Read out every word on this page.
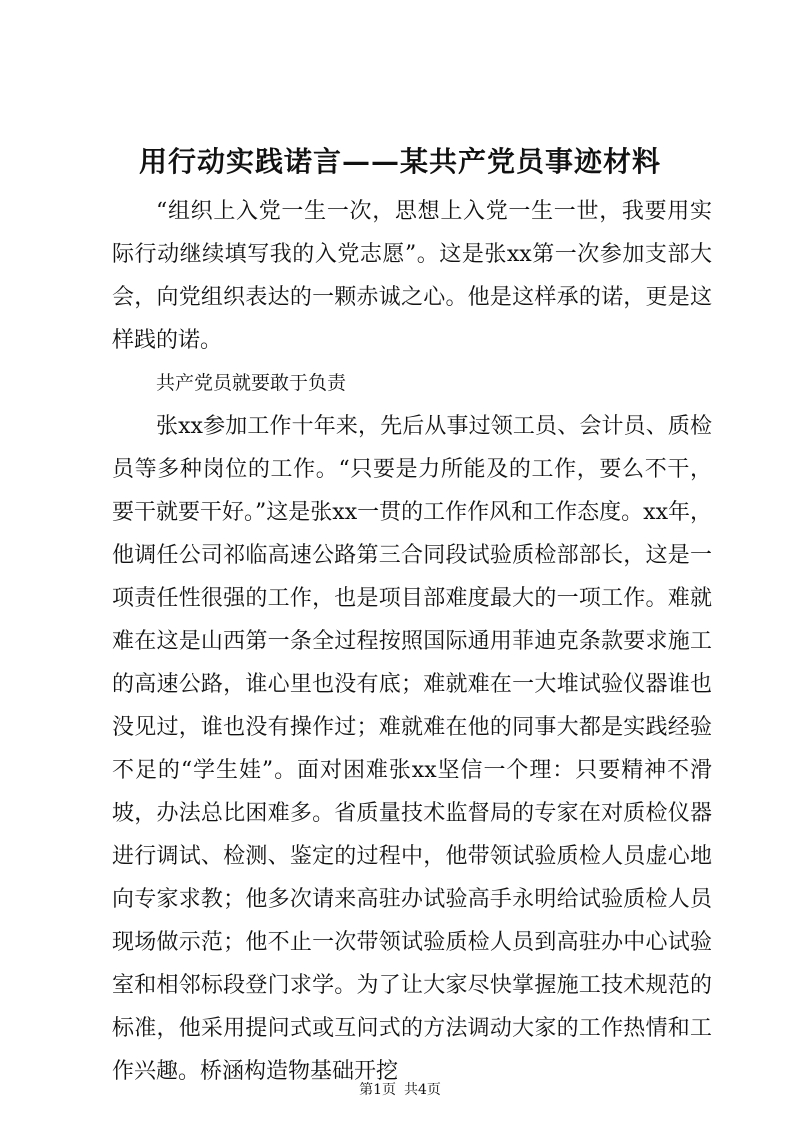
用行动实践诺言——某共产党员事迹材料

“组织上入党一生一次，思想上入党一生一世，我要用实际行动继续填写我的入党志愿”。这是张xx第一次参加支部大会，向党组织表达的一颗赤诚之心。他是这样承的诺，更是这样践的诺。

共产党员就要敢于负责

张xx参加工作十年来，先后从事过领工员、会计员、质检员等多种岗位的工作。“只要是力所能及的工作，要么不干，要干就要干好。”这是张xx一贯的工作作风和工作态度。xx年，他调任公司祁临高速公路第三合同段试验质检部部长，这是一项责任性很强的工作，也是项目部难度最大的一项工作。难就难在这是山西第一条全过程按照国际通用菲迪克条款要求施工的高速公路，谁心里也没有底；难就难在一大堆试验仪器谁也没见过，谁也没有操作过；难就难在他的同事大都是实践经验不足的“学生娃”。面对困难张xx坚信一个理：只要精神不滑坡，办法总比困难多。省质量技术监督局的专家在对质检仪器进行调试、检测、鉴定的过程中，他带领试验质检人员虚心地向专家求教；他多次请来高驻办试验高手永明给试验质检人员现场做示范；他不止一次带领试验质检人员到高驻办中心试验室和相邻标段登门求学。为了让大家尽快掌握施工技术规范的标准，他采用提问式或互问式的方法调动大家的工作热情和工作兴趣。桥涵构造物基础开挖

第1页 共4页
